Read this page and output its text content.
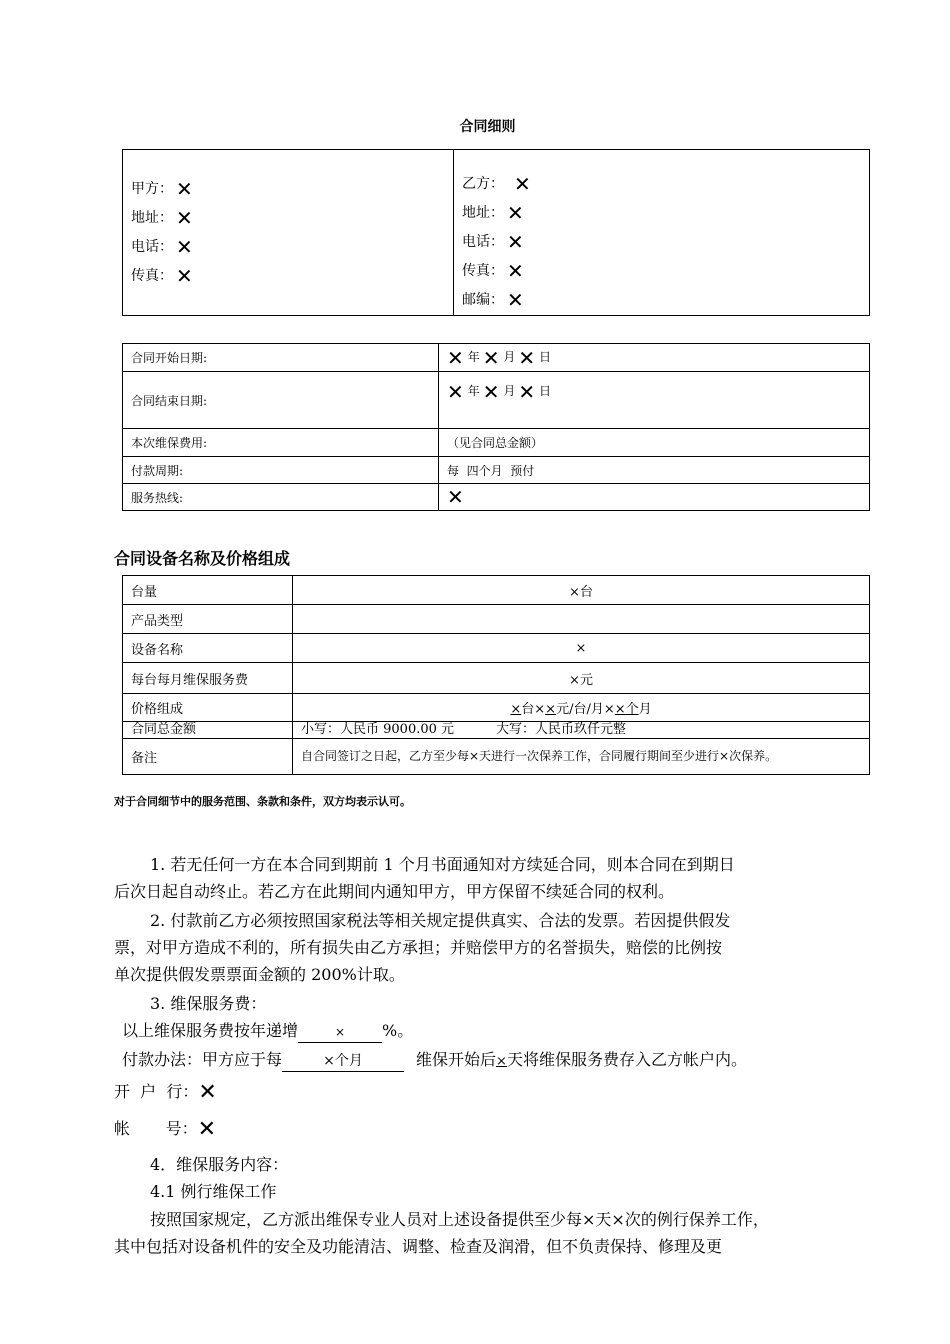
合同细则
甲方： ✕
地址： ✕
电话： ✕
传真： ✕

乙方： ✕
地址： ✕
电话： ✕
传真： ✕
邮编： ✕
合同开始日期:	✕ 年 ✕ 月 ✕ 日
合同结束日期:	✕ 年 ✕ 月 ✕ 日
本次维保费用:	（见合同总金额）
付款周期:	每  四个月  预付
服务热线:	✕
合同设备名称及价格组成
台量	×台
产品类型	
设备名称	×
每台每月维保服务费	×元
价格组成	×台××元/台/月××个月
合同总金额	小写：人民币 9000.00 元 大写：人民币玖仟元整
备注	自合同签订之日起，乙方至少每×天进行一次保养工作，合同履行期间至少进行×次保养。
对于合同细节中的服务范围、条款和条件，双方均表示认可。
1. 若无任何一方在本合同到期前 1 个月书面通知对方续延合同，则本合同在到期日
后次日起自动终止。若乙方在此期间内通知甲方，甲方保留不续延合同的权利。
2. 付款前乙方必须按照国家税法等相关规定提供真实、合法的发票。若因提供假发
票，对甲方造成不利的，所有损失由乙方承担；并赔偿甲方的名誉损失，赔偿的比例按
单次提供假发票票面金额的 200%计取。
3. 维保服务费：
以上维保服务费按年递增	× %。
付款办法：甲方应于每	×个月	维保开始后×天将维保服务费存入乙方帐户内。
开  户  行：✕
帐       号：✕
4．维保服务内容：
4.1 例行维保工作
按照国家规定，乙方派出维保专业人员对上述设备提供至少每×天×次的例行保养工作，
其中包括对设备机件的安全及功能清洁、调整、检查及润滑，但不负责保持、修理及更
